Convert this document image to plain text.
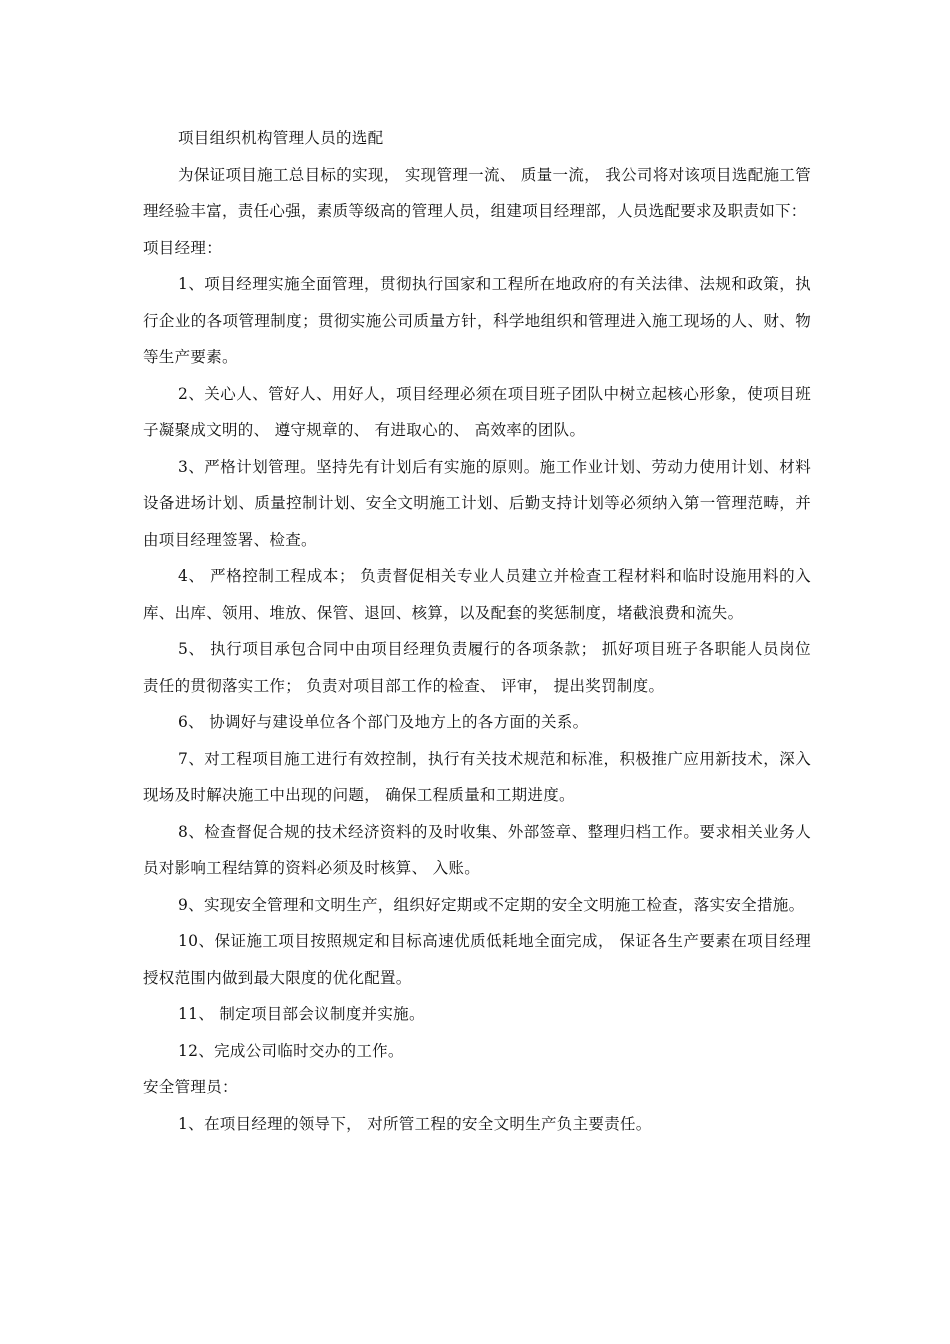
项目组织机构管理人员的选配

为保证项目施工总目标的实现， 实现管理一流、 质量一流， 我公司将对该项目选配施工管理经验丰富，责任心强，素质等级高的管理人员，组建项目经理部，人员选配要求及职责如下：

项目经理：

1、项目经理实施全面管理，贯彻执行国家和工程所在地政府的有关法律、法规和政策，执行企业的各项管理制度；贯彻实施公司质量方针，科学地组织和管理进入施工现场的人、财、物等生产要素。

2、关心人、管好人、用好人，项目经理必须在项目班子团队中树立起核心形象，使项目班子凝聚成文明的、 遵守规章的、 有进取心的、 高效率的团队。

3、严格计划管理。坚持先有计划后有实施的原则。施工作业计划、劳动力使用计划、材料设备进场计划、质量控制计划、安全文明施工计划、后勤支持计划等必须纳入第一管理范畴，并由项目经理签署、检查。

4、 严格控制工程成本； 负责督促相关专业人员建立并检查工程材料和临时设施用料的入库、出库、领用、堆放、保管、退回、核算，以及配套的奖惩制度，堵截浪费和流失。

5、 执行项目承包合同中由项目经理负责履行的各项条款； 抓好项目班子各职能人员岗位责任的贯彻落实工作； 负责对项目部工作的检查、 评审， 提出奖罚制度。

6、 协调好与建设单位各个部门及地方上的各方面的关系。

7、对工程项目施工进行有效控制，执行有关技术规范和标准，积极推广应用新技术，深入现场及时解决施工中出现的问题， 确保工程质量和工期进度。

8、检查督促合规的技术经济资料的及时收集、外部签章、整理归档工作。要求相关业务人员对影响工程结算的资料必须及时核算、 入账。

9、实现安全管理和文明生产，组织好定期或不定期的安全文明施工检查，落实安全措施。

10、保证施工项目按照规定和目标高速优质低耗地全面完成， 保证各生产要素在项目经理授权范围内做到最大限度的优化配置。

11、 制定项目部会议制度并实施。

12、完成公司临时交办的工作。

安全管理员：

1、在项目经理的领导下， 对所管工程的安全文明生产负主要责任。
